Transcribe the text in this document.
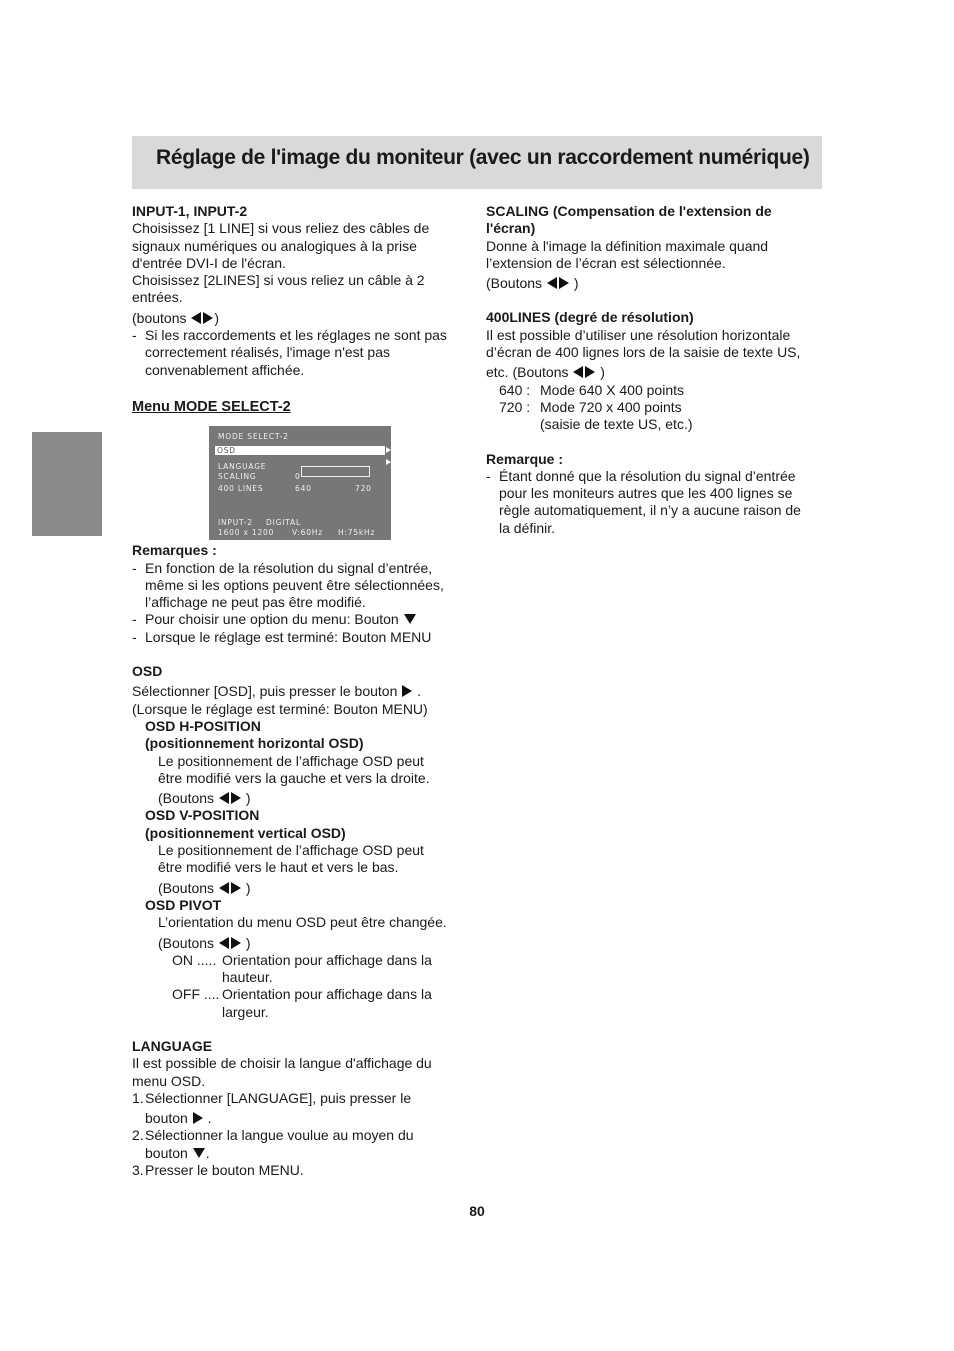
Réglage de l'image du moniteur (avec un raccordement numérique)

INPUT-1, INPUT-2

Choisissez [1 LINE] si vous reliez des câbles de

signaux numériques ou analogiques à la prise

d'entrée DVI-I de l'écran.

Choisissez [2LINES] si vous reliez un câble à 2

entrées.

(boutons )

- Si les raccordements et les réglages ne sont pas

correctement réalisés, l'image n'est pas

convenablement affichée.

Menu MODE SELECT-2

MODE SELECT-2
OSD
LANGUAGE
SCALING	0
400 LINES	640	720
INPUT-2 DIGITAL
1600 x 1200 V:60Hz H:75kHz

Remarques :

- En fonction de la résolution du signal d’entrée,

même si les options peuvent être sélectionnées,

l’affichage ne peut pas être modifié.

- Pour choisir une option du menu: Bouton

- Lorsque le réglage est terminé: Bouton MENU

OSD

Sélectionner [OSD], puis presser le bouton .

(Lorsque le réglage est terminé: Bouton MENU)

OSD H-POSITION

(positionnement horizontal OSD)

Le positionnement de l’affichage OSD peut

être modifié vers la gauche et vers la droite.

(Boutons )

OSD V-POSITION

(positionnement vertical OSD)

Le positionnement de l’affichage OSD peut

être modifié vers le haut et vers le bas.

(Boutons )

OSD PIVOT

L’orientation du menu OSD peut être changée.

(Boutons )

ON ..... Orientation pour affichage dans la

hauteur.

OFF .... Orientation pour affichage dans la

largeur.

LANGUAGE

Il est possible de choisir la langue d'affichage du

menu OSD.

1. Sélectionner [LANGUAGE], puis presser le

bouton  .

2. Sélectionner la langue voulue au moyen du

bouton .

3. Presser le bouton MENU.

SCALING (Compensation de l'extension de

l'écran)

Donne à l'image la définition maximale quand

l’extension de l’écran est sélectionnée.

(Boutons )

400LINES (degré de résolution)

Il est possible d’utiliser une résolution horizontale

d’écran de 400 lignes lors de la saisie de texte US,

etc. (Boutons )

640 : Mode 640 X 400 points

720 : Mode 720 x 400 points

(saisie de texte US, etc.)

Remarque :

- Étant donné que la résolution du signal d’entrée

pour les moniteurs autres que les 400 lignes se

règle automatiquement, il n’y a aucune raison de

la définir.

80
